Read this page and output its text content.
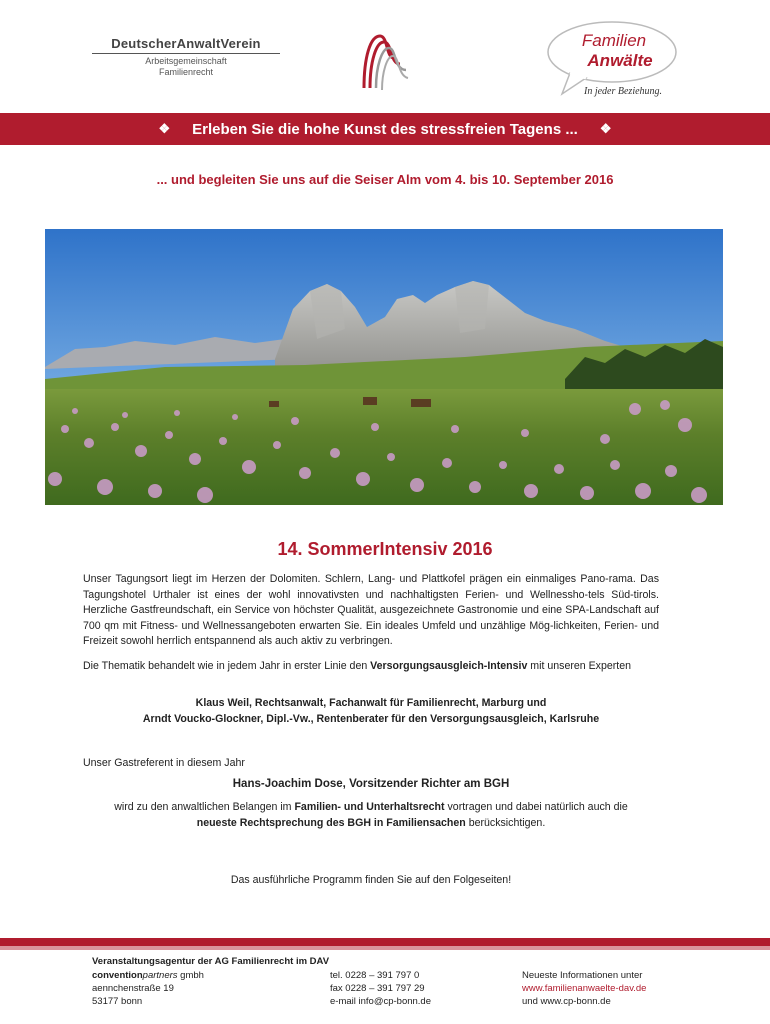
DeutscherAnwaltVerein
Arbeitsgemeinschaft
Familienrecht
Familien
Anwälte
In jeder Beziehung.
❖ Erleben Sie die hohe Kunst des stressfreien Tagens ... ❖
... und begleiten Sie uns auf die Seiser Alm vom 4. bis 10. September 2016
14. SommerIntensiv 2016
Unser Tagungsort liegt im Herzen der Dolomiten. Schlern, Lang- und Plattkofel prägen ein einmaliges Pano-rama. Das Tagungshotel Urthaler ist eines der wohl innovativsten und nachhaltigsten Ferien- und Wellnessho-tels Süd-tirols. Herzliche Gastfreundschaft, ein Service von höchster Qualität, ausgezeichnete Gastronomie und eine SPA-Landschaft auf 700 qm mit Fitness- und Wellnessangeboten erwarten Sie. Ein ideales Umfeld und unzählige Mög-lichkeiten, Ferien- und Freizeit sowohl herrlich entspannend als auch aktiv zu verbringen.
Die Thematik behandelt wie in jedem Jahr in erster Linie den Versorgungsausgleich-Intensiv mit unseren Experten
Klaus Weil, Rechtsanwalt, Fachanwalt für Familienrecht, Marburg und
Arndt Voucko-Glockner, Dipl.-Vw., Rentenberater für den Versorgungsausgleich, Karlsruhe
Unser Gastreferent in diesem Jahr
Hans-Joachim Dose, Vorsitzender Richter am BGH
wird zu den anwaltlichen Belangen im Familien- und Unterhaltsrecht vortragen und dabei natürlich auch die
neueste Rechtsprechung des BGH in Familiensachen berücksichtigen.
Das ausführliche Programm finden Sie auf den Folgeseiten!
Veranstaltungsagentur der AG Familienrecht im DAV
conventionpartners gmbh
aennchenstraße 19
53177 bonn
tel. 0228 – 391 797 0
fax 0228 – 391 797 29
e-mail info@cp-bonn.de
Neueste Informationen unter
www.familienanwaelte-dav.de
und www.cp-bonn.de
